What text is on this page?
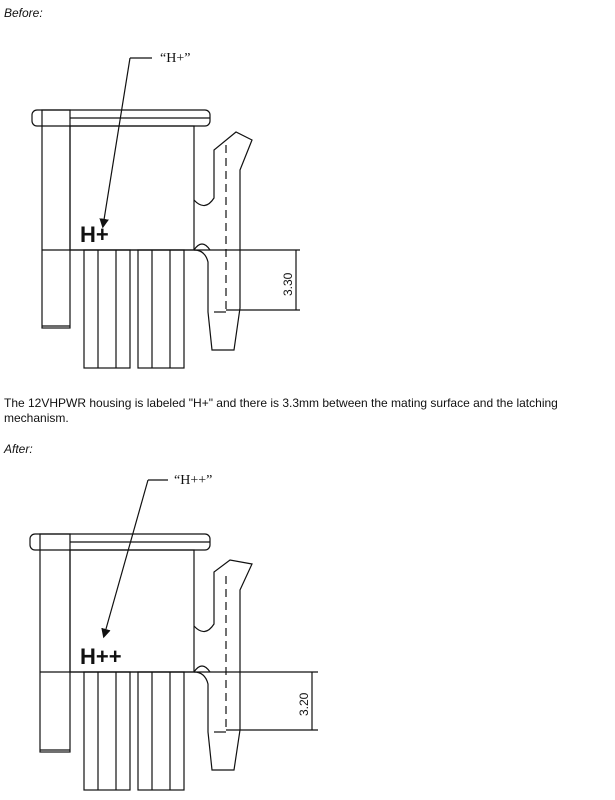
Before:
“H+”
H+
3.30
The 12VHPWR housing is labeled "H+" and there is 3.3mm between the mating surface and the latching mechanism.
After:
“H++”
H++
3.20
